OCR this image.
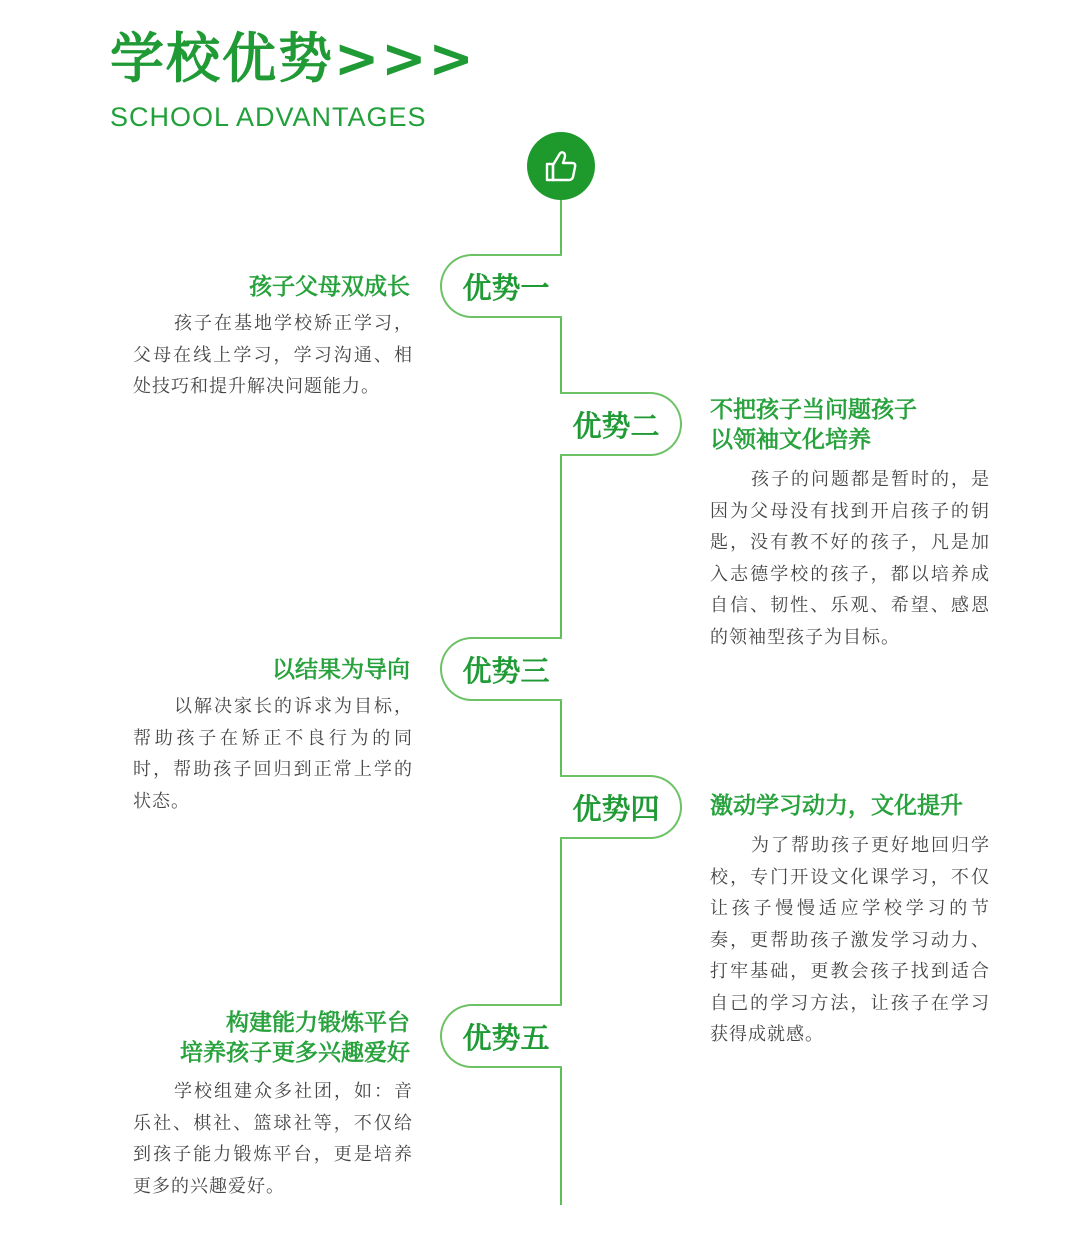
学校优势>>>
SCHOOL ADVANTAGES
优势一
孩子父母双成长
孩子在基地学校矫正学习，父母在线上学习，学习沟通、相处技巧和提升解决问题能力。
优势二	不把孩子当问题孩子
以领袖文化培养
孩子的问题都是暂时的，是因为父母没有找到开启孩子的钥匙，没有教不好的孩子，凡是加入志德学校的孩子，都以培养成自信、韧性、乐观、希望、感恩的领袖型孩子为目标。
优势三
以结果为导向
以解决家长的诉求为目标，帮助孩子在矫正不良行为的同时，帮助孩子回归到正常上学的状态。	优势四	激动学习动力，文化提升
为了帮助孩子更好地回归学校，专门开设文化课学习，不仅让孩子慢慢适应学校学习的节奏，更帮助孩子激发学习动力、打牢基础，更教会孩子找到适合自己的学习方法，让孩子在学习获得成就感。
优势五
构建能力锻炼平台
培养孩子更多兴趣爱好
学校组建众多社团，如：音乐社、棋社、篮球社等，不仅给到孩子能力锻炼平台，更是培养更多的兴趣爱好。
